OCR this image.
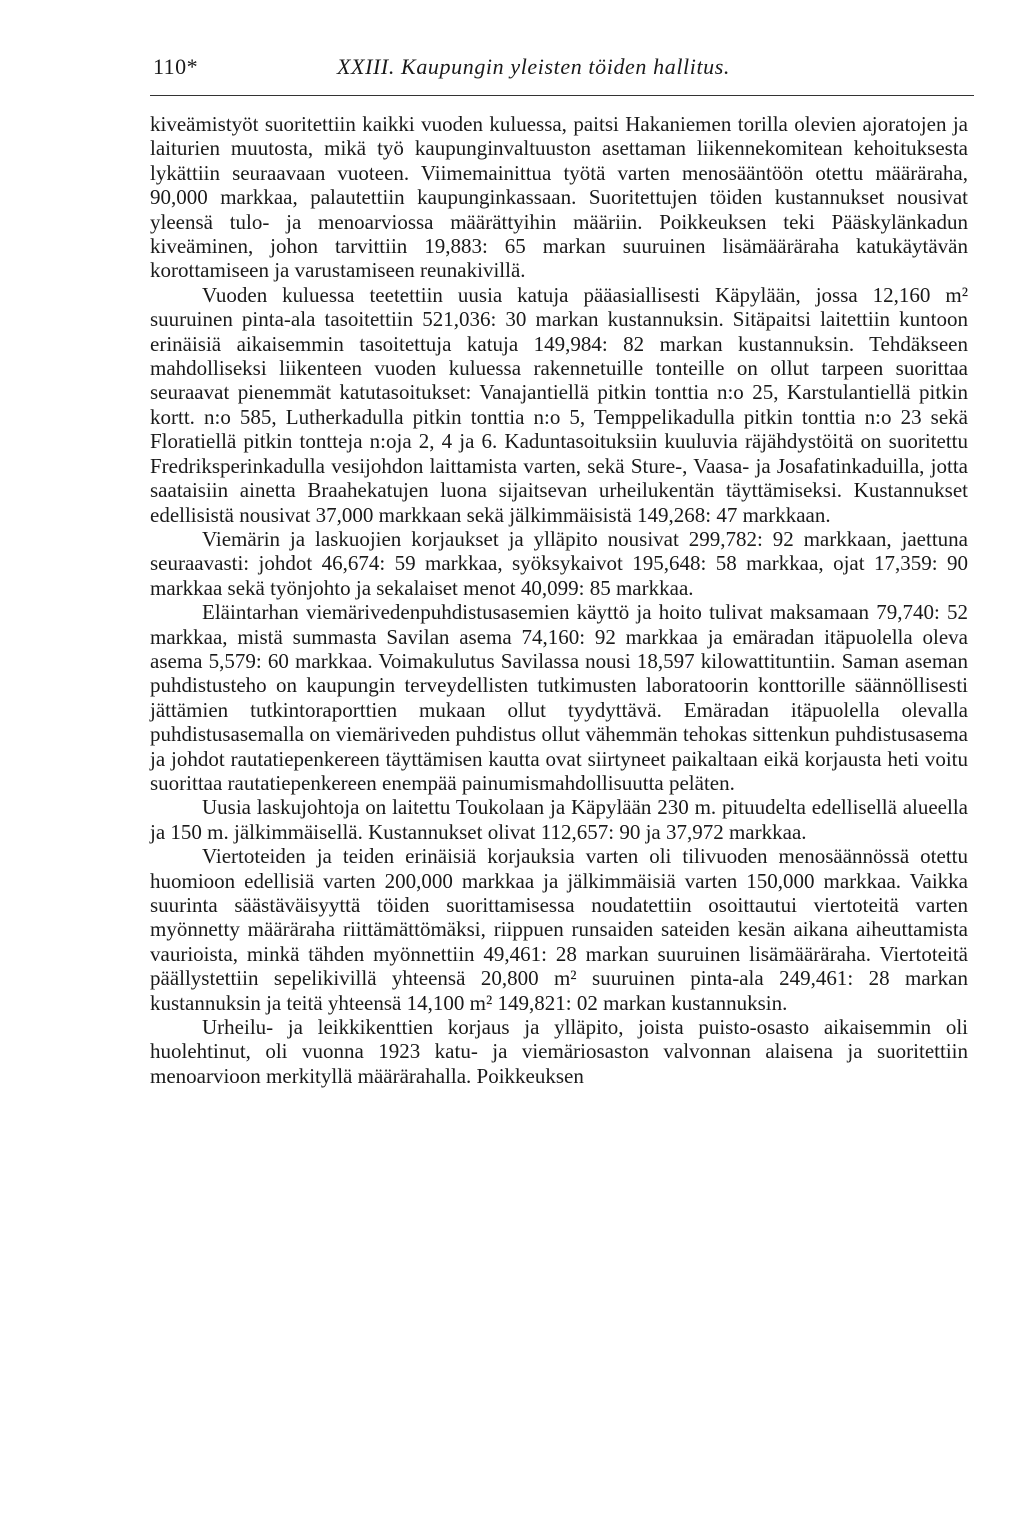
110*	XXIII. Kaupungin yleisten töiden hallitus.

kiveämistyöt suoritettiin kaikki vuoden kuluessa, paitsi Hakaniemen torilla olevien ajoratojen ja laiturien muutosta, mikä työ kaupunginvaltuuston asettaman liikennekomitean kehoituksesta lykättiin seuraavaan vuoteen. Viimemainittua työtä varten menosääntöön otettu määräraha, 90,000 markkaa, palautettiin kaupunginkassaan. Suoritettujen töiden kustannukset nousivat yleensä tulo- ja menoarviossa määrättyihin määriin. Poikkeuksen teki Pääskylänkadun kiveäminen, johon tarvittiin 19,883: 65 markan suuruinen lisämääräraha katukäytävän korottamiseen ja varustamiseen reunakivillä.

Vuoden kuluessa teetettiin uusia katuja pääasiallisesti Käpylään, jossa 12,160 m² suuruinen pinta-ala tasoitettiin 521,036: 30 markan kustannuksin. Sitäpaitsi laitettiin kuntoon erinäisiä aikaisemmin tasoitettuja katuja 149,984: 82 markan kustannuksin. Tehdäkseen mahdolliseksi liikenteen vuoden kuluessa rakennetuille tonteille on ollut tarpeen suorittaa seuraavat pienemmät katutasoitukset: Vanajantiellä pitkin tonttia n:o 25, Karstulantiellä pitkin kortt. n:o 585, Lutherkadulla pitkin tonttia n:o 5, Temppelikadulla pitkin tonttia n:o 23 sekä Floratiellä pitkin tontteja n:oja 2, 4 ja 6. Kaduntasoituksiin kuuluvia räjähdystöitä on suoritettu Fredriksperinkadulla vesijohdon laittamista varten, sekä Sture-, Vaasa- ja Josafatinkaduilla, jotta saataisiin ainetta Braahekatujen luona sijaitsevan urheilukentän täyttämiseksi. Kustannukset edellisistä nousivat 37,000 markkaan sekä jälkimmäisistä 149,268: 47 markkaan.

Viemärin ja laskuojien korjaukset ja ylläpito nousivat 299,782: 92 markkaan, jaettuna seuraavasti: johdot 46,674: 59 markkaa, syöksykaivot 195,648: 58 markkaa, ojat 17,359: 90 markkaa sekä työnjohto ja sekalaiset menot 40,099: 85 markkaa.

Eläintarhan viemärivedenpuhdistusasemien käyttö ja hoito tulivat maksamaan 79,740: 52 markkaa, mistä summasta Savilan asema 74,160: 92 markkaa ja emäradan itäpuolella oleva asema 5,579: 60 markkaa. Voimakulutus Savilassa nousi 18,597 kilowattituntiin. Saman aseman puhdistusteho on kaupungin terveydellisten tutkimusten laboratoorin konttorille säännöllisesti jättämien tutkintoraporttien mukaan ollut tyydyttävä. Emäradan itäpuolella olevalla puhdistusasemalla on viemäriveden puhdistus ollut vähemmän tehokas sittenkun puhdistusasema ja johdot rautatiepenkereen täyttämisen kautta ovat siirtyneet paikaltaan eikä korjausta heti voitu suorittaa rautatiepenkereen enempää painumismahdollisuutta peläten.

Uusia laskujohtoja on laitettu Toukolaan ja Käpylään 230 m. pituudelta edellisellä alueella ja 150 m. jälkimmäisellä. Kustannukset olivat 112,657: 90 ja 37,972 markkaa.

Viertoteiden ja teiden erinäisiä korjauksia varten oli tilivuoden menosäännössä otettu huomioon edellisiä varten 200,000 markkaa ja jälkimmäisiä varten 150,000 markkaa. Vaikka suurinta säästäväisyyttä töiden suorittamisessa noudatettiin osoittautui viertoteitä varten myönnetty määräraha riittämättömäksi, riippuen runsaiden sateiden kesän aikana aiheuttamista vaurioista, minkä tähden myönnettiin 49,461: 28 markan suuruinen lisämääräraha. Viertoteitä päällystettiin sepelikivillä yhteensä 20,800 m² suuruinen pinta-ala 249,461: 28 markan kustannuksin ja teitä yhteensä 14,100 m² 149,821: 02 markan kustannuksin.

Urheilu- ja leikkikenttien korjaus ja ylläpito, joista puisto-osasto aikaisemmin oli huolehtinut, oli vuonna 1923 katu- ja viemäriosaston valvonnan alaisena ja suoritettiin menoarvioon merkityllä määrärahalla. Poikkeuksen
